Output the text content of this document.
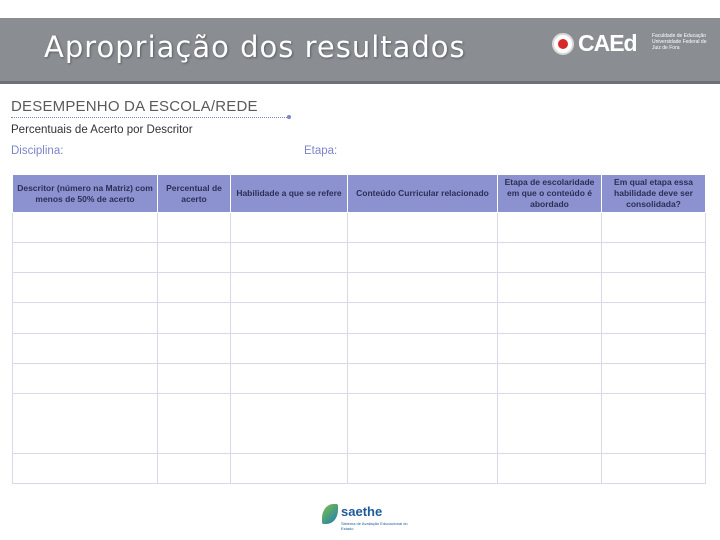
Apropriação dos resultados	CAEd	Faculdade de Educação Universidade Federal de Juiz de Fora
DESEMPENHO DA ESCOLA/REDE
Percentuais de Acerto por Descritor
Disciplina:	Etapa:
Descritor (número na Matriz) com menos de 50% de acerto	Percentual de acerto	Habilidade a que se refere	Conteúdo Curricular relacionado	Etapa de escolaridade em que o conteúdo é abordado	Em qual etapa essa habilidade deve ser consolidada?

saethe
Sistema de Avaliação Educacional do Estado
